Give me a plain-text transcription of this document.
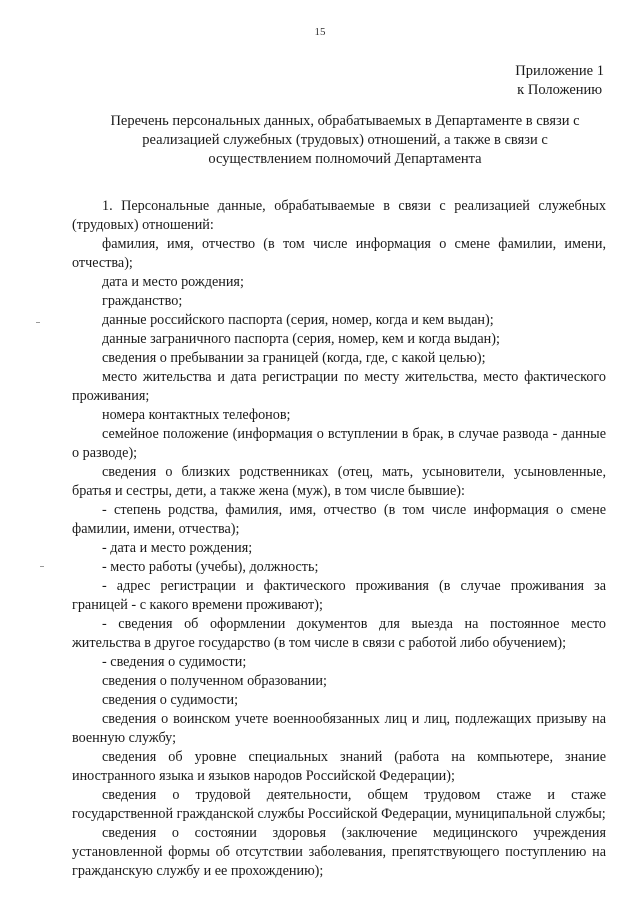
15
Приложение 1
к Положению
Перечень персональных данных, обрабатываемых в Департаменте в связи с
реализацией служебных (трудовых) отношений, а также в связи с
осуществлением полномочий Департамента

1. Персональные данные, обрабатываемые в связи с реализацией служебных (трудовых) отношений:

фамилия, имя, отчество (в том числе информация о смене фамилии, имени, отчества);

дата и место рождения;

гражданство;

данные российского паспорта (серия, номер, когда и кем выдан);

данные заграничного паспорта (серия, номер, кем и когда выдан);

сведения о пребывании за границей (когда, где, с какой целью);

место жительства и дата регистрации по месту жительства, место фактического проживания;

номера контактных телефонов;

семейное положение (информация о вступлении в брак, в случае развода - данные о разводе);

сведения о близких родственниках (отец, мать, усыновители, усыновленные, братья и сестры, дети, а также жена (муж), в том числе бывшие):

- степень родства, фамилия, имя, отчество (в том числе информация о смене фамилии, имени, отчества);

- дата и место рождения;

- место работы (учебы), должность;

- адрес регистрации и фактического проживания (в случае проживания за границей - с какого времени проживают);

- сведения об оформлении документов для выезда на постоянное место жительства в другое государство (в том числе в связи с работой либо обучением);

- сведения о судимости;

сведения о полученном образовании;

сведения о судимости;

сведения о воинском учете военнообязанных лиц и лиц, подлежащих призыву на военную службу;

сведения об уровне специальных знаний (работа на компьютере, знание иностранного языка и языков народов Российской Федерации);

сведения о трудовой деятельности, общем трудовом стаже и стаже государственной гражданской службы Российской Федерации, муниципальной службы;

сведения о состоянии здоровья (заключение медицинского учреждения установленной формы об отсутствии заболевания, препятствующего поступлению на гражданскую службу и ее прохождению);
